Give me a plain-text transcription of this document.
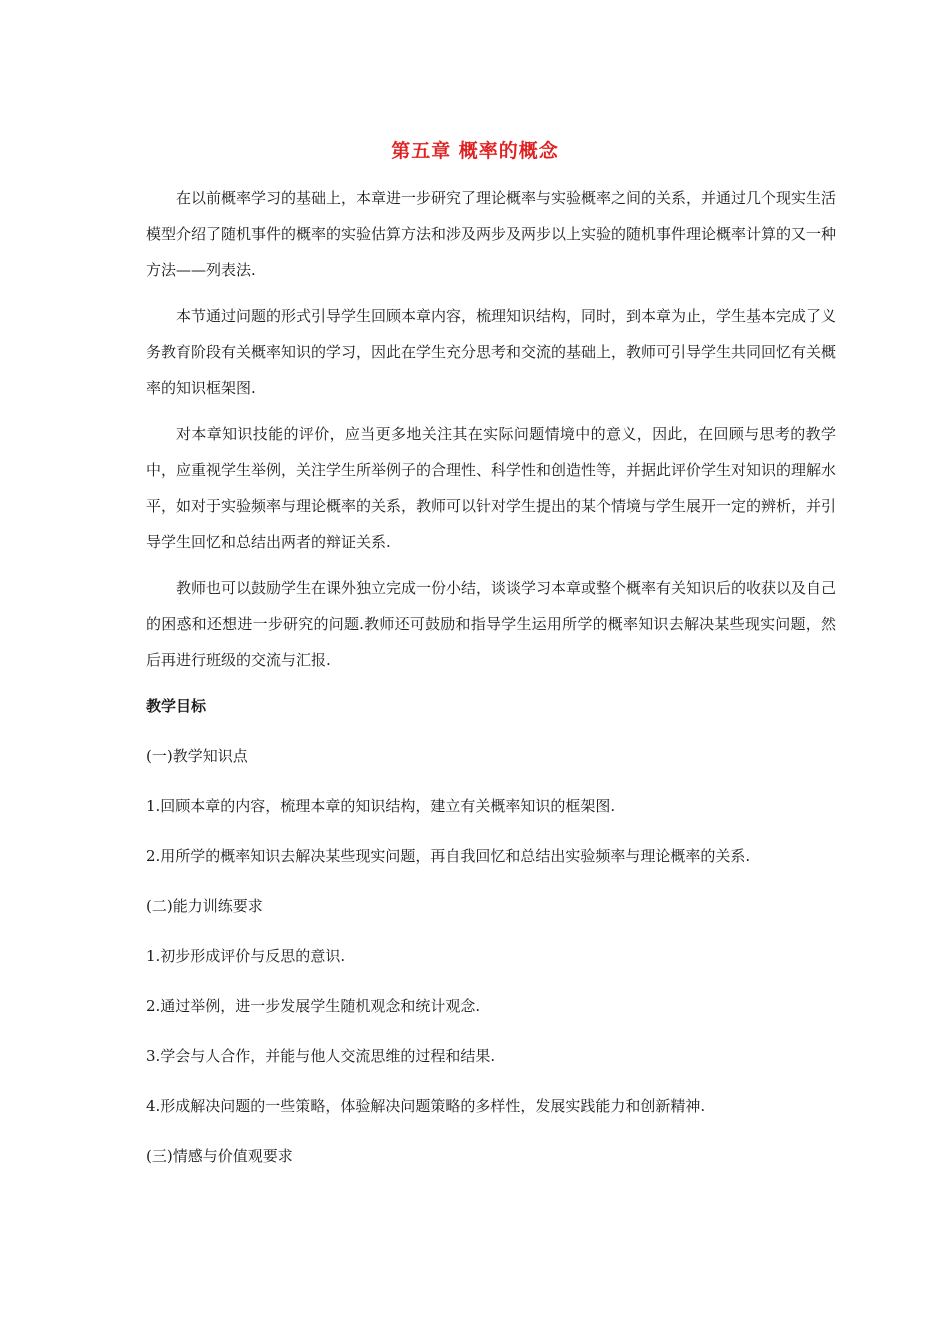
第五章 概率的概念

在以前概率学习的基础上，本章进一步研究了理论概率与实验概率之间的关系，并通过几个现实生活模型介绍了随机事件的概率的实验估算方法和涉及两步及两步以上实验的随机事件理论概率计算的又一种方法——列表法.

本节通过问题的形式引导学生回顾本章内容，梳理知识结构，同时，到本章为止，学生基本完成了义务教育阶段有关概率知识的学习，因此在学生充分思考和交流的基础上，教师可引导学生共同回忆有关概率的知识框架图.

对本章知识技能的评价，应当更多地关注其在实际问题情境中的意义，因此，在回顾与思考的教学中，应重视学生举例，关注学生所举例子的合理性、科学性和创造性等，并据此评价学生对知识的理解水平，如对于实验频率与理论概率的关系，教师可以针对学生提出的某个情境与学生展开一定的辨析，并引导学生回忆和总结出两者的辩证关系.

教师也可以鼓励学生在课外独立完成一份小结，谈谈学习本章或整个概率有关知识后的收获以及自己的困惑和还想进一步研究的问题.教师还可鼓励和指导学生运用所学的概率知识去解决某些现实问题，然后再进行班级的交流与汇报.

教学目标
(一)教学知识点
1.回顾本章的内容，梳理本章的知识结构，建立有关概率知识的框架图.
2.用所学的概率知识去解决某些现实问题，再自我回忆和总结出实验频率与理论概率的关系.
(二)能力训练要求
1.初步形成评价与反思的意识.
2.通过举例，进一步发展学生随机观念和统计观念.
3.学会与人合作，并能与他人交流思维的过程和结果.
4.形成解决问题的一些策略，体验解决问题策略的多样性，发展实践能力和创新精神.
(三)情感与价值观要求
